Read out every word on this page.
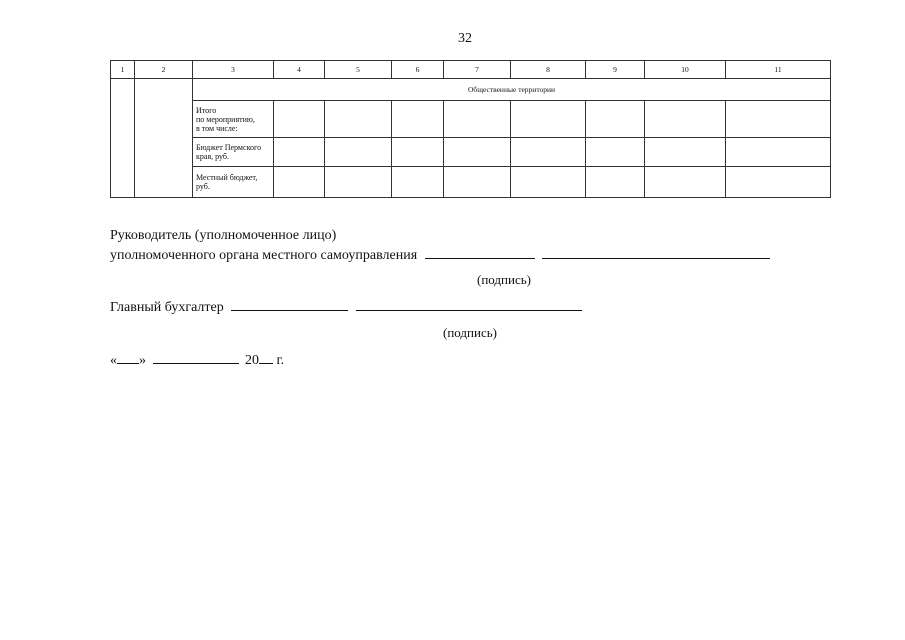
32
1	2	3	4	5	6	7	8	9	10	11
		Общественные территории								

		Итого
по мероприятию,
в том числе:								

		Бюджет Пермского
края, руб.								

		Местный бюджет,
руб.								

Руководитель (уполномоченное лицо)
уполномоченного органа местного самоуправления
(подпись)
Главный бухгалтер
(подпись)
« »	20 г.
